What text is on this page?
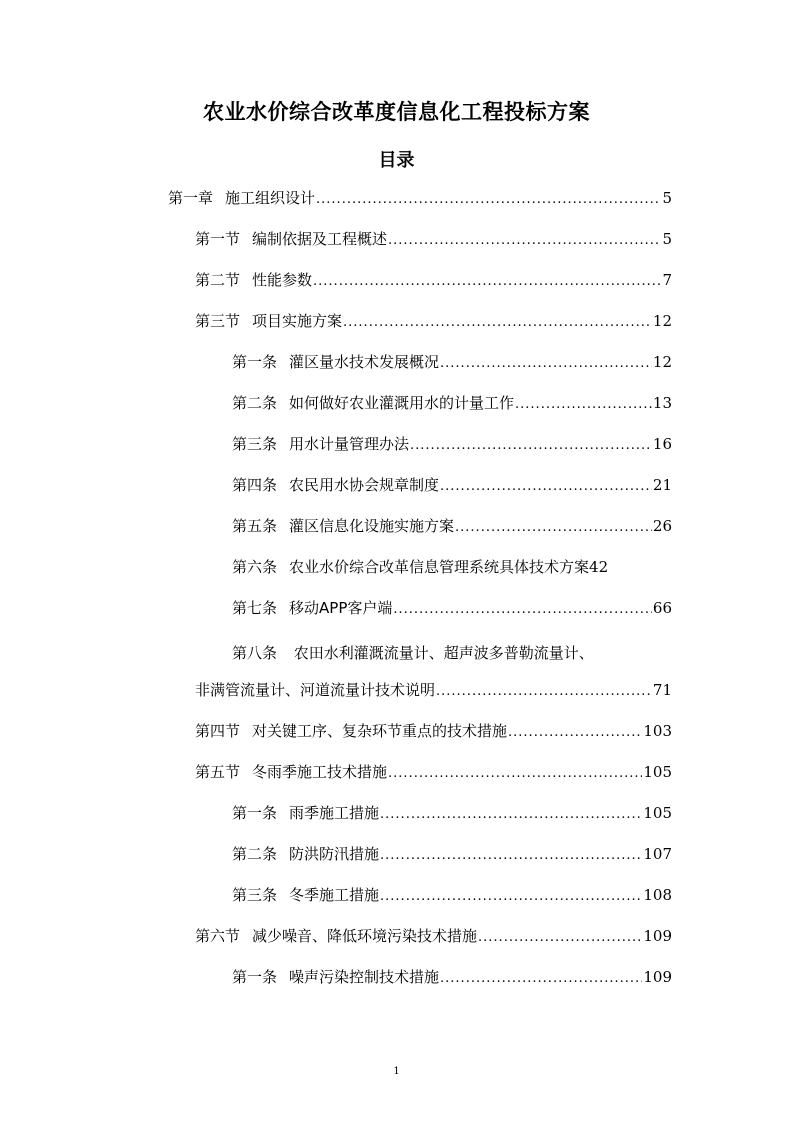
农业水价综合改革度信息化工程投标方案
目录
第一章 施工组织设计 .....	5
第一节 编制依据及工程概述 .....	5
第二节 性能参数 .....	7
第三节 项目实施方案 .....	12
第一条 灌区量水技术发展概况 .....	12
第二条 如何做好农业灌溉用水的计量工作 .....	13
第三条 用水计量管理办法 .....	16
第四条 农民用水协会规章制度 .....	21
第五条 灌区信息化设施实施方案 .....	26
第六条 农业水价综合改革信息管理系统具体技术方案 42
第七条 移动APP客户端 .....	66
第八条 农田水利灌溉流量计、超声波多普勒流量计、
非满管流量计、河道流量计技术说明 .....	71
第四节 对关键工序、复杂环节重点的技术措施 .....	103
第五节 冬雨季施工技术措施 .....	105
第一条 雨季施工措施 .....	105
第二条 防洪防汛措施 .....	107
第三条 冬季施工措施 .....	108
第六节 减少噪音、降低环境污染技术措施 .....	109
第一条 噪声污染控制技术措施 .....	109
1
